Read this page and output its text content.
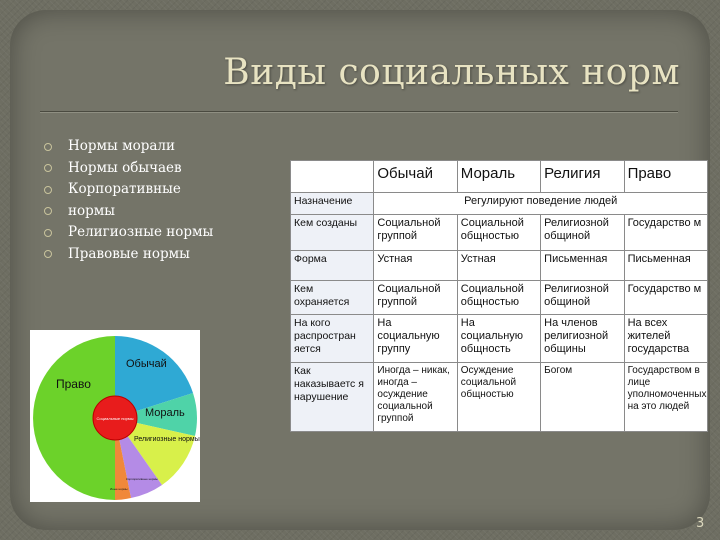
Виды социальных норм
Нормы морали
Нормы обычаев
Корпоративные
нормы
Религиозные нормы
Правовые нормы
Социальные нормы
Право
Обычай
Мораль
Религиозные нормы
Корпоративные нормы
Иные нормы
	Обычай	Мораль	Религия	Право
Назначение	Регулируют поведение людей			
Кем созданы	Социальной группой	Социальной общностью	Религиозной общиной	Государство м
Форма	Устная	Устная	Письменная	Письменная
Кем охраняется	Социальной группой	Социальной общностью	Религиозной общиной	Государство м
На кого распростран яется	На социальную группу	На социальную общность	На членов религиозной общины	На всех жителей государства
Как наказываетс я нарушение	Иногда – никак, иногда – осуждение социальной группой	Осуждение социальной общностью	Богом	Государством в лице уполномоченных на это людей
3
